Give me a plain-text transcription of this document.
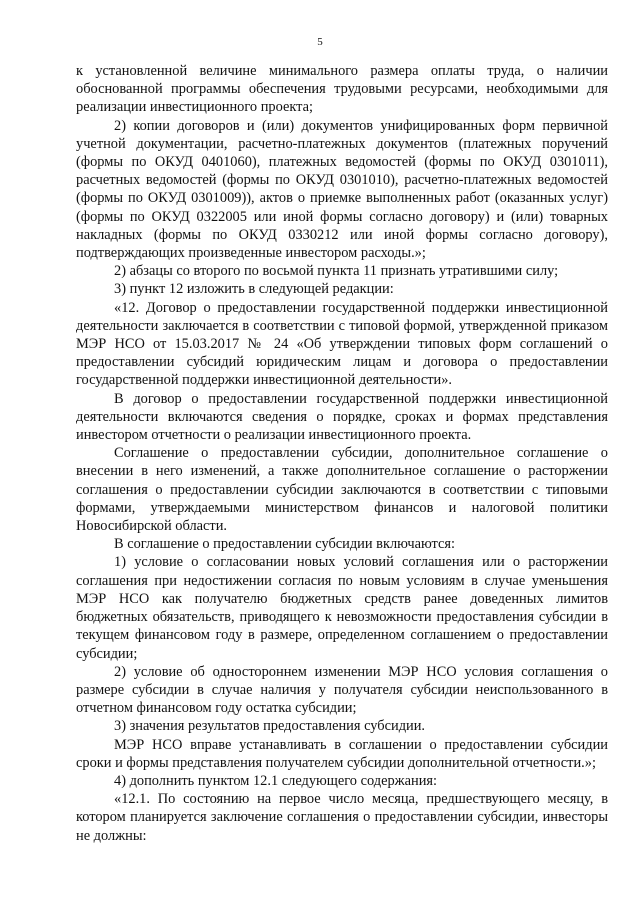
5

к установленной величине минимального размера оплаты труда, о наличии обоснованной программы обеспечения трудовыми ресурсами, необходимыми для реализации инвестиционного проекта;

2) копии договоров и (или) документов унифицированных форм первичной учетной документации, расчетно-платежных документов (платежных поручений (формы по ОКУД 0401060), платежных ведомостей (формы по ОКУД 0301011), расчетных ведомостей (формы по ОКУД 0301010), расчетно-платежных ведомостей (формы по ОКУД 0301009)), актов о приемке выполненных работ (оказанных услуг) (формы по ОКУД 0322005 или иной формы согласно договору) и (или) товарных накладных (формы по ОКУД 0330212 или иной формы согласно договору), подтверждающих произведенные инвестором расходы.»;

2) абзацы со второго по восьмой пункта 11 признать утратившими силу;

3) пункт 12 изложить в следующей редакции:

«12. Договор о предоставлении государственной поддержки инвестиционной деятельности заключается в соответствии с типовой формой, утвержденной приказом МЭР НСО от 15.03.2017 № 24 «Об утверждении типовых форм соглашений о предоставлении субсидий юридическим лицам и договора о предоставлении государственной поддержки инвестиционной деятельности».

В договор о предоставлении государственной поддержки инвестиционной деятельности включаются сведения о порядке, сроках и формах представления инвестором отчетности о реализации инвестиционного проекта.

Соглашение о предоставлении субсидии, дополнительное соглашение о внесении в него изменений, а также дополнительное соглашение о расторжении соглашения о предоставлении субсидии заключаются в соответствии с типовыми формами, утверждаемыми министерством финансов и налоговой политики Новосибирской области.

В соглашение о предоставлении субсидии включаются:

1) условие о согласовании новых условий соглашения или о расторжении соглашения при недостижении согласия по новым условиям в случае уменьшения МЭР НСО как получателю бюджетных средств ранее доведенных лимитов бюджетных обязательств, приводящего к невозможности предоставления субсидии в текущем финансовом году в размере, определенном соглашением о предоставлении субсидии;

2) условие об одностороннем изменении МЭР НСО условия соглашения о размере субсидии в случае наличия у получателя субсидии неиспользованного в отчетном финансовом году остатка субсидии;

3) значения результатов предоставления субсидии.

МЭР НСО вправе устанавливать в соглашении о предоставлении субсидии сроки и формы представления получателем субсидии дополнительной отчетности.»;

4) дополнить пунктом 12.1 следующего содержания:

«12.1. По состоянию на первое число месяца, предшествующего месяцу, в котором планируется заключение соглашения о предоставлении субсидии, инвесторы не должны:
